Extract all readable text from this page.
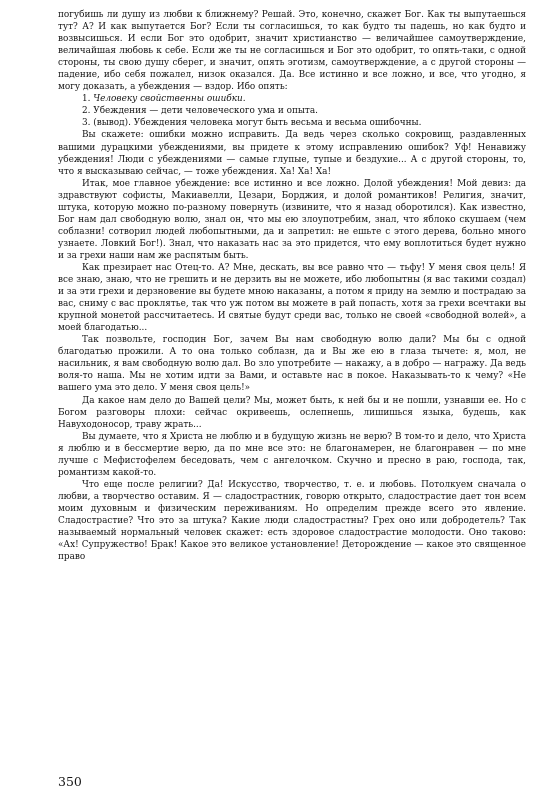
погубишь ли душу из любви к ближнему? Решай. Это, конечно, скажет Бог. Как ты выпутаешься тут? А? И как выпутается Бог? Если ты согласишься, то как будто ты падешь, но как будто и возвысишься. И если Бог это одобрит, значит христианство — величайшее самоутверждение, величайшая любовь к себе. Если же ты не согласишься и Бог это одобрит, то опять-таки, с одной стороны, ты свою душу сберег, и значит, опять эготизм, самоутверждение, а с другой стороны — падение, ибо себя пожалел, низок оказался. Да. Все истинно и все ложно, и все, что угодно, я могу доказать, а убеждения — вздор. Ибо опять:

1. Человеку свойственны ошибки.

2. Убеждения — дети человеческого ума и опыта.

3. (вывод). Убеждения человека могут быть весьма и весьма ошибочны.

Вы скажете: ошибки можно исправить. Да ведь через сколько сокровищ, раздавленных вашими дурацкими убеждениями, вы придете к этому исправлению ошибок? Уф! Ненавижу убеждения! Люди с убеждениями — самые глупые, тупые и бездухие... А с другой стороны, то, что я высказываю сейчас, — тоже убеждения. Ха! Ха! Ха!

Итак, мое главное убеждение: все истинно и все ложно. Долой убеждения! Мой девиз: да здравствуют софисты, Макиавелли, Цезари, Борджия, и долой романтиков! Религия, значит, штука, которую можно по-разному повернуть (извините, что я назад оборотился). Как известно, Бог нам дал свободную волю, знал он, что мы ею злоупотребим, знал, что яблоко скушаем (чем соблазни! сотворил людей любопытными, да и запретил: не ешьте с этого дерева, больно много узнаете. Ловкий Бог!). Знал, что наказать нас за это придется, что ему воплотиться будет нужно и за грехи наши нам же распятым быть.

Как презирает нас Отец-то. А? Мне, дескать, вы все равно что — тьфу! У меня своя цель! Я все знаю, знаю, что не грешить и не дерзить вы не можете, ибо любопытны (я вас такими создал) и за эти грехи и дерзновение вы будете мною наказаны, а потом я приду на землю и пострадаю за вас, сниму с вас проклятье, так что уж потом вы можете в рай попасть, хотя за грехи всечтаки вы крупной монетой рассчитаетесь. И святые будут среди вас, только не своей «свободной волей», а моей благодатью...

Так позвольте, господин Бог, зачем Вы нам свободную волю дали? Мы бы с одной благодатью прожили. А то она только соблазн, да и Вы же ею в глаза тычете: я, мол, не насильник, я вам свободную волю дал. Во зло употребите — накажу, а в добро — награжу. Да ведь воля-то наша. Мы не хотим идти за Вами, и оставьте нас в покое. Наказывать-то к чему? «Не вашего ума это дело. У меня своя цель!»

Да какое нам дело до Вашей цели? Мы, может быть, к ней бы и не пошли, узнавши ее. Но с Богом разговоры плохи: сейчас окривеешь, ослепнешь, лишишься языка, будешь, как Навуходоносор, траву жрать...

Вы думаете, что я Христа не люблю и в будущую жизнь не верю? В том-то и дело, что Христа я люблю и в бессмертие верю, да по мне все это: не благонамерен, не благонравен — по мне лучше с Мефистофелем беседовать, чем с ангелочком. Скучно и пресно в раю, господа, так, романтизм какой-то.

Что еще после религии? Да! Искусство, творчество, т. е. и любовь. Потолкуем сначала о любви, а творчество оставим. Я — сладострастник, говорю открыто, сладострастие дает тон всем моим духовным и физическим переживаниям. Но определим прежде всего это явление. Сладострастие? Что это за штука? Какие люди сладострастны? Грех оно или добродетель? Так называемый нормальный человек скажет: есть здоровое сладострастие молодости. Оно таково: «Ах! Супружество! Брак! Какое это великое установление! Деторождение — какое это священное право

350
